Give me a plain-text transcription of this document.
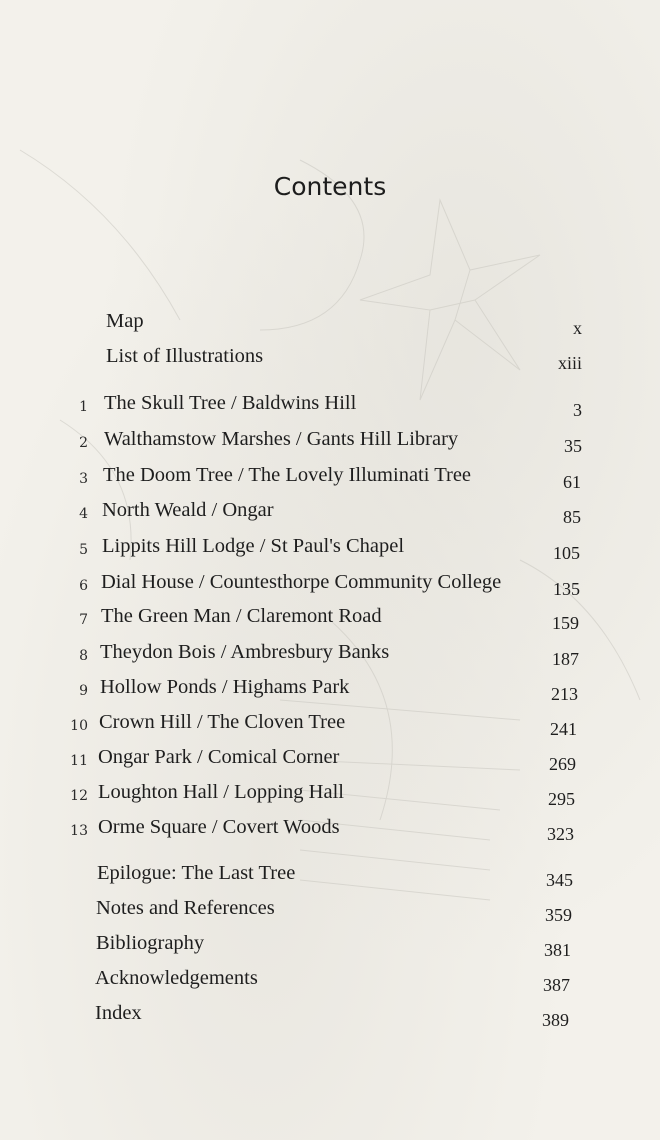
Contents
Map	x
List of Illustrations	xiii
1 The Skull Tree / Baldwins Hill	3
2 Walthamstow Marshes / Gants Hill Library	35
3 The Doom Tree / The Lovely Illuminati Tree	61
4 North Weald / Ongar	85
5 Lippits Hill Lodge / St Paul's Chapel	105
6 Dial House / Countesthorpe Community College	135
7 The Green Man / Claremont Road	159
8 Theydon Bois / Ambresbury Banks	187
9 Hollow Ponds / Highams Park	213
10 Crown Hill / The Cloven Tree	241
11 Ongar Park / Comical Corner	269
12 Loughton Hall / Lopping Hall	295
13 Orme Square / Covert Woods	323
Epilogue: The Last Tree	345
Notes and References	359
Bibliography	381
Acknowledgements	387
Index	389
